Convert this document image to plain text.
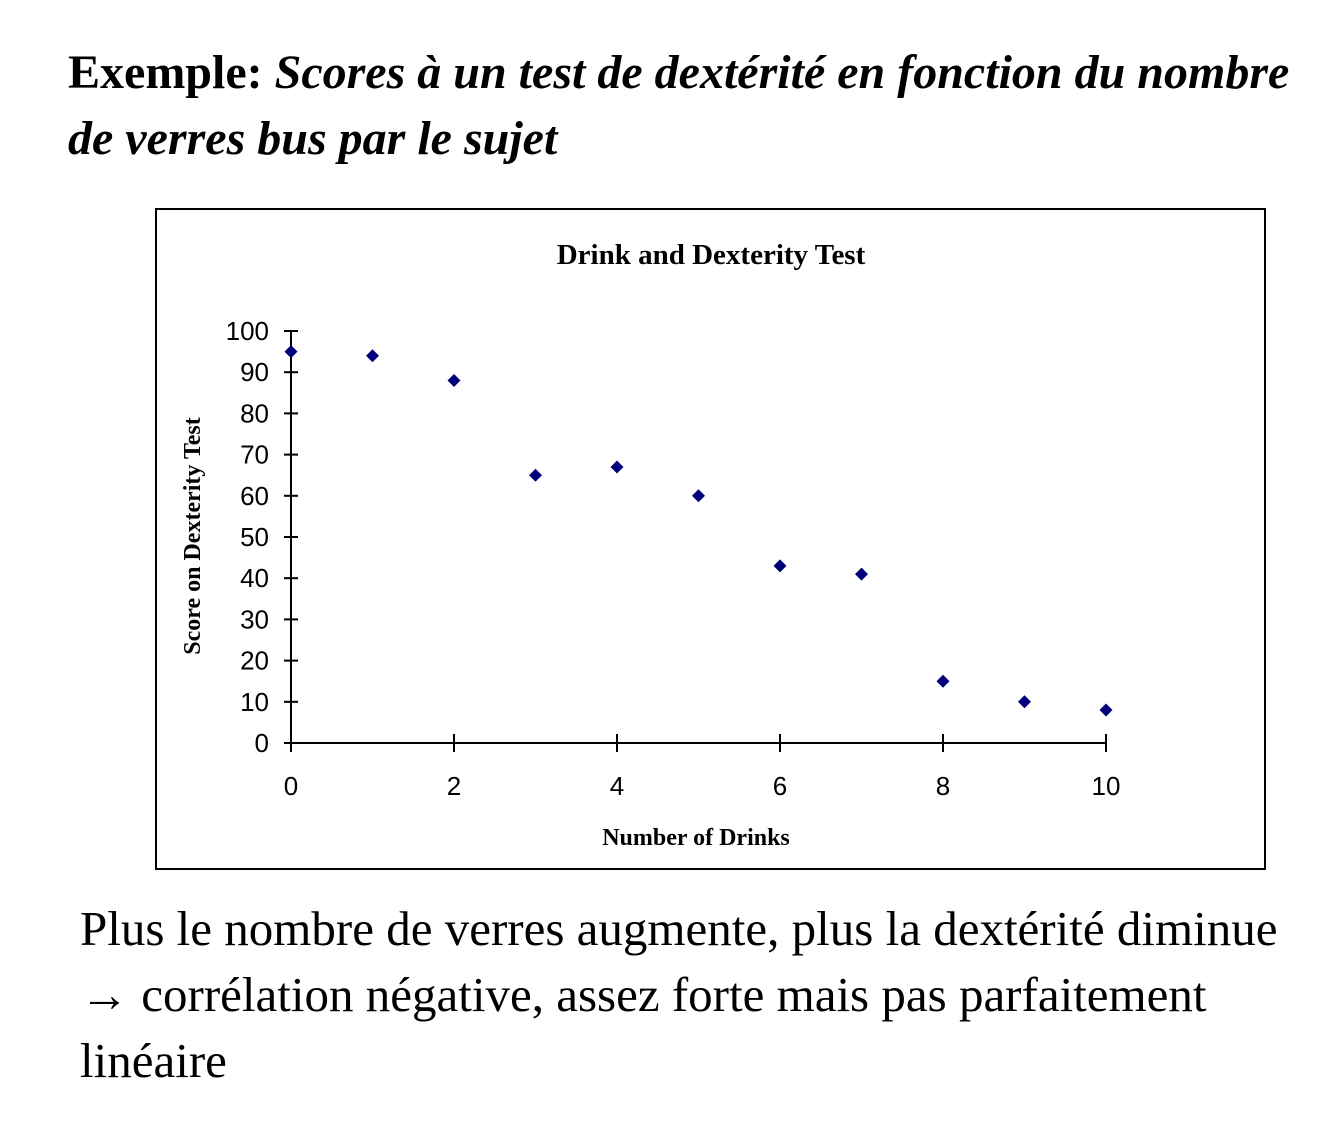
Exemple: Scores à un test de dextérité en fonction du nombre de verres bus par le sujet
Drink and Dexterity Test
Number of Drinks
Score on Dexterity Test
0
10
20
30
40
50
60
70
80
90
100
0	2	4	6	8	10

Plus le nombre de verres augmente, plus la dextérité diminue → corrélation négative, assez forte mais pas parfaitement linéaire
